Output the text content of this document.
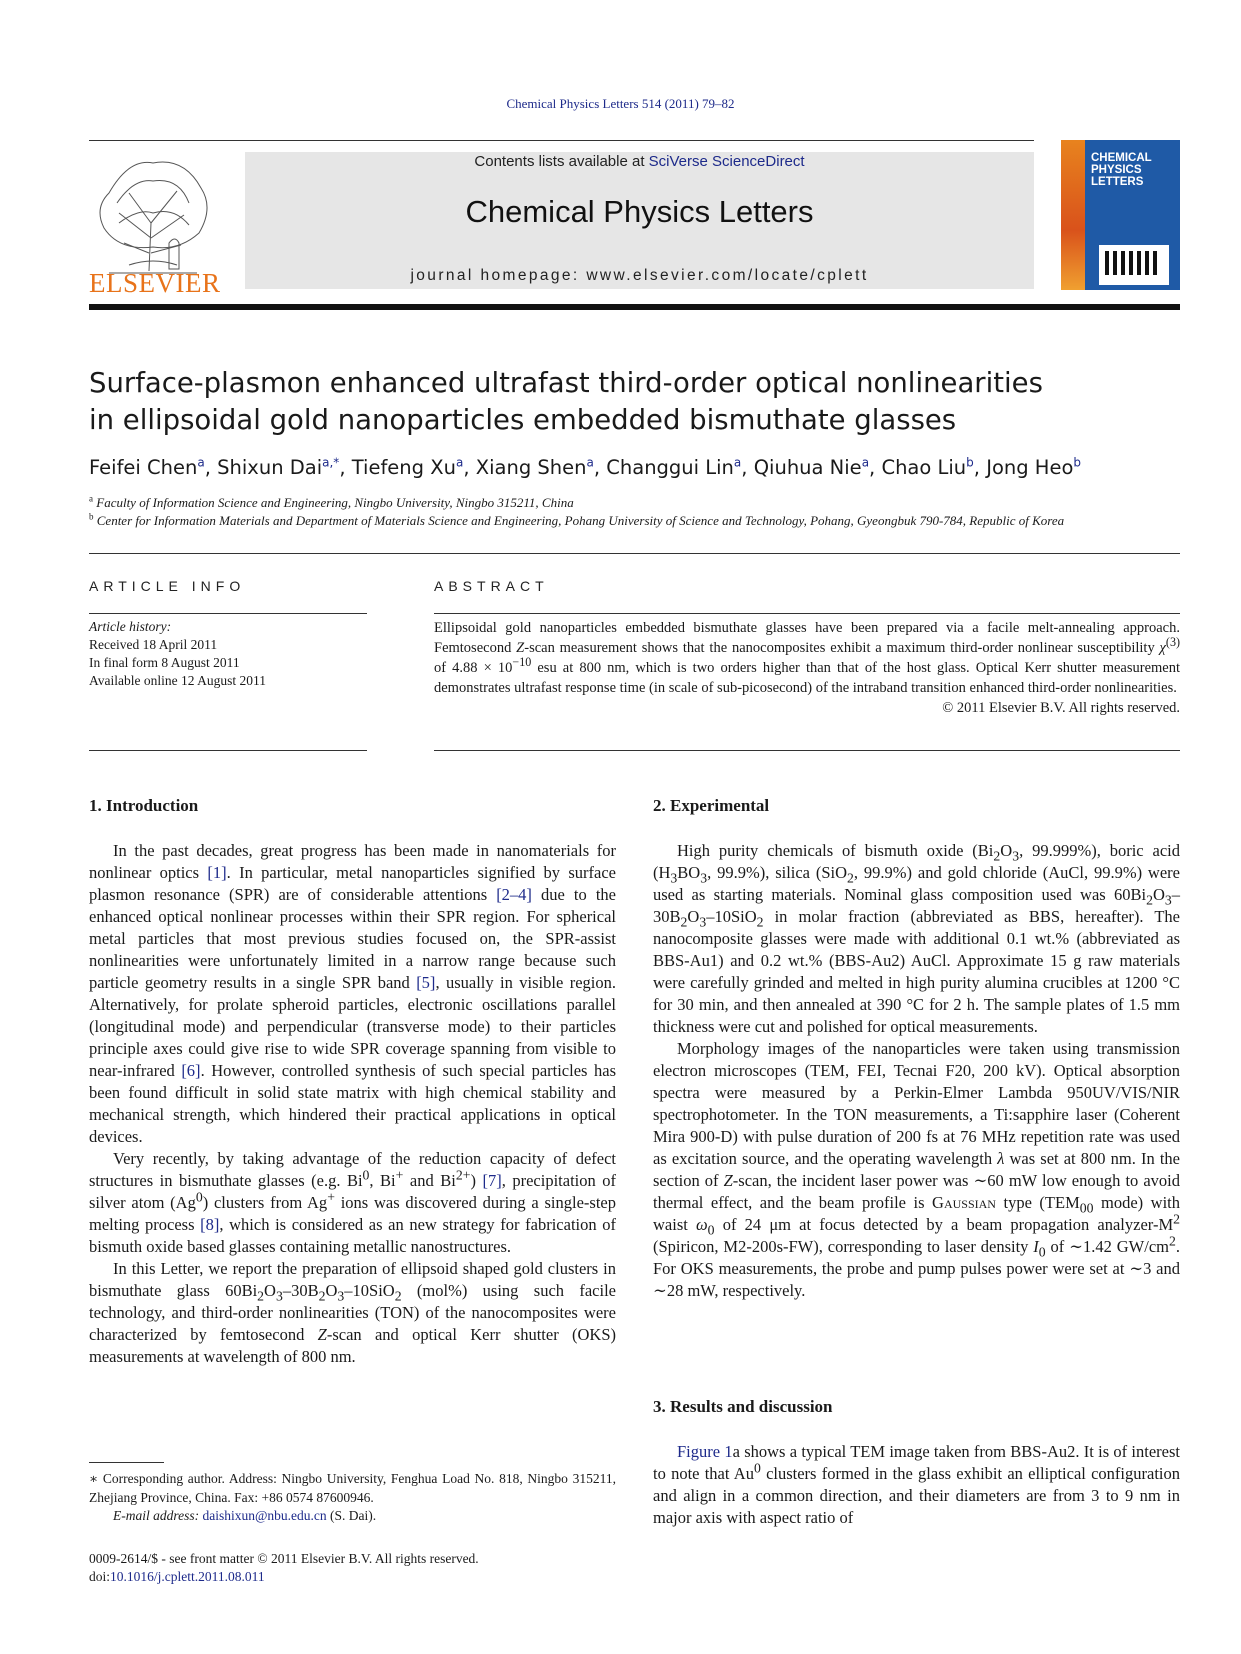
Chemical Physics Letters 514 (2011) 79–82
ELSEVIER
Contents lists available at SciVerse ScienceDirect
Chemical Physics Letters
journal homepage: www.elsevier.com/locate/cplett
CHEMICAL PHYSICS LETTERS
Surface-plasmon enhanced ultrafast third-order optical nonlinearities
in ellipsoidal gold nanoparticles embedded bismuthate glasses
Feifei Chen$^a$, Shixun Dai$^{a,*}$, Tiefeng Xu$^a$, Xiang Shen$^a$, Changgui Lin$^a$, Qiuhua Nie$^a$, Chao Liu$^b$, Jong Heo$^b$
$^a$ Faculty of Information Science and Engineering, Ningbo University, Ningbo 315211, China
$^b$ Center for Information Materials and Department of Materials Science and Engineering, Pohang University of Science and Technology, Pohang, Gyeongbuk 790-784, Republic of Korea
ARTICLE INFO
Article history:
Received 18 April 2011
In final form 8 August 2011
Available online 12 August 2011
ABSTRACT
Ellipsoidal gold nanoparticles embedded bismuthate glasses have been prepared via a facile melt-annealing approach. Femtosecond Z-scan measurement shows that the nanocomposites exhibit a maximum third-order nonlinear susceptibility $\chi^{(3)}$ of $4.88 \times 10^{-10}$ esu at 800 nm, which is two orders higher than that of the host glass. Optical Kerr shutter measurement demonstrates ultrafast response time (in scale of sub-picosecond) of the intraband transition enhanced third-order nonlinearities.
© 2011 Elsevier B.V. All rights reserved.
1. Introduction

In the past decades, great progress has been made in nanomaterials for nonlinear optics [1]. In particular, metal nanoparticles signified by surface plasmon resonance (SPR) are of considerable attentions [2–4] due to the enhanced optical nonlinear processes within their SPR region. For spherical metal particles that most previous studies focused on, the SPR-assist nonlinearities were unfortunately limited in a narrow range because such particle geometry results in a single SPR band [5], usually in visible region. Alternatively, for prolate spheroid particles, electronic oscillations parallel (longitudinal mode) and perpendicular (transverse mode) to their particles principle axes could give rise to wide SPR coverage spanning from visible to near-infrared [6]. However, controlled synthesis of such special particles has been found difficult in solid state matrix with high chemical stability and mechanical strength, which hindered their practical applications in optical devices.

Very recently, by taking advantage of the reduction capacity of defect structures in bismuthate glasses (e.g. Bi$^0$, Bi+ and $Bi^{2+}$) [7], precipitation of silver atom (Ag$^0$) clusters from Ag+ ions was discovered during a single-step melting process [8], which is considered as an new strategy for fabrication of bismuth oxide based glasses containing metallic nanostructures.

In this Letter, we report the preparation of ellipsoid shaped gold clusters in bismuthate glass $60Bi_2O_3-30B_2O_3-10SiO_2$ (mol%) using such facile technology, and third-order nonlinearities (TON) of the nanocomposites were characterized by femtosecond Z-scan and optical Kerr shutter (OKS) measurements at wavelength of 800 nm.

∗ Corresponding author. Address: Ningbo University, Fenghua Load No. 818, Ningbo 315211, Zhejiang Province, China. Fax: +86 0574 87600946.
E-mail address: daishixun@nbu.edu.cn (S. Dai).
0009-2614/$ - see front matter © 2011 Elsevier B.V. All rights reserved.
doi:10.1016/j.cplett.2011.08.011
2. Experimental

High purity chemicals of bismuth oxide ($Bi_2O_3$, 99.999%), boric acid ($H_3BO_3$, 99.9%), silica (SiO$_2$, 99.9%) and gold chloride (AuCl, 99.9%) were used as starting materials. Nominal glass composition used was $60Bi_2O_3-30B_2O_3-10SiO_2$ in molar fraction (abbreviated as BBS, hereafter). The nanocomposite glasses were made with additional 0.1 wt.% (abbreviated as BBS-Au1) and 0.2 wt.% (BBS-Au2) AuCl. Approximate 15 g raw materials were carefully grinded and melted in high purity alumina crucibles at 1200 °C for 30 min, and then annealed at 390 °C for 2 h. The sample plates of 1.5 mm thickness were cut and polished for optical measurements.

Morphology images of the nanoparticles were taken using transmission electron microscopes (TEM, FEI, Tecnai F20, 200 kV). Optical absorption spectra were measured by a Perkin-Elmer Lambda 950UV/VIS/NIR spectrophotometer. In the TON measurements, a Ti:sapphire laser (Coherent Mira 900-D) with pulse duration of 200 fs at 76 MHz repetition rate was used as excitation source, and the operating wavelength λ was set at 800 nm. In the section of Z-scan, the incident laser power was ∼60 mW low enough to avoid thermal effect, and the beam profile is Gaussian type ($TEM_{00}$ mode) with waist $\omega_0$ of 24 μm at focus detected by a beam propagation analyzer-$M^2$ (Spiricon, M2-200s-FW), corresponding to laser density $I_0$ of ∼1.42 $GW/cm^2$. For OKS measurements, the probe and pump pulses power were set at ∼3 and ∼28 mW, respectively.

3. Results and discussion

Figure 1a shows a typical TEM image taken from BBS-Au2. It is of interest to note that Au$^0$ clusters formed in the glass exhibit an elliptical configuration and align in a common direction, and their diameters are from 3 to 9 nm in major axis with aspect ratio of
